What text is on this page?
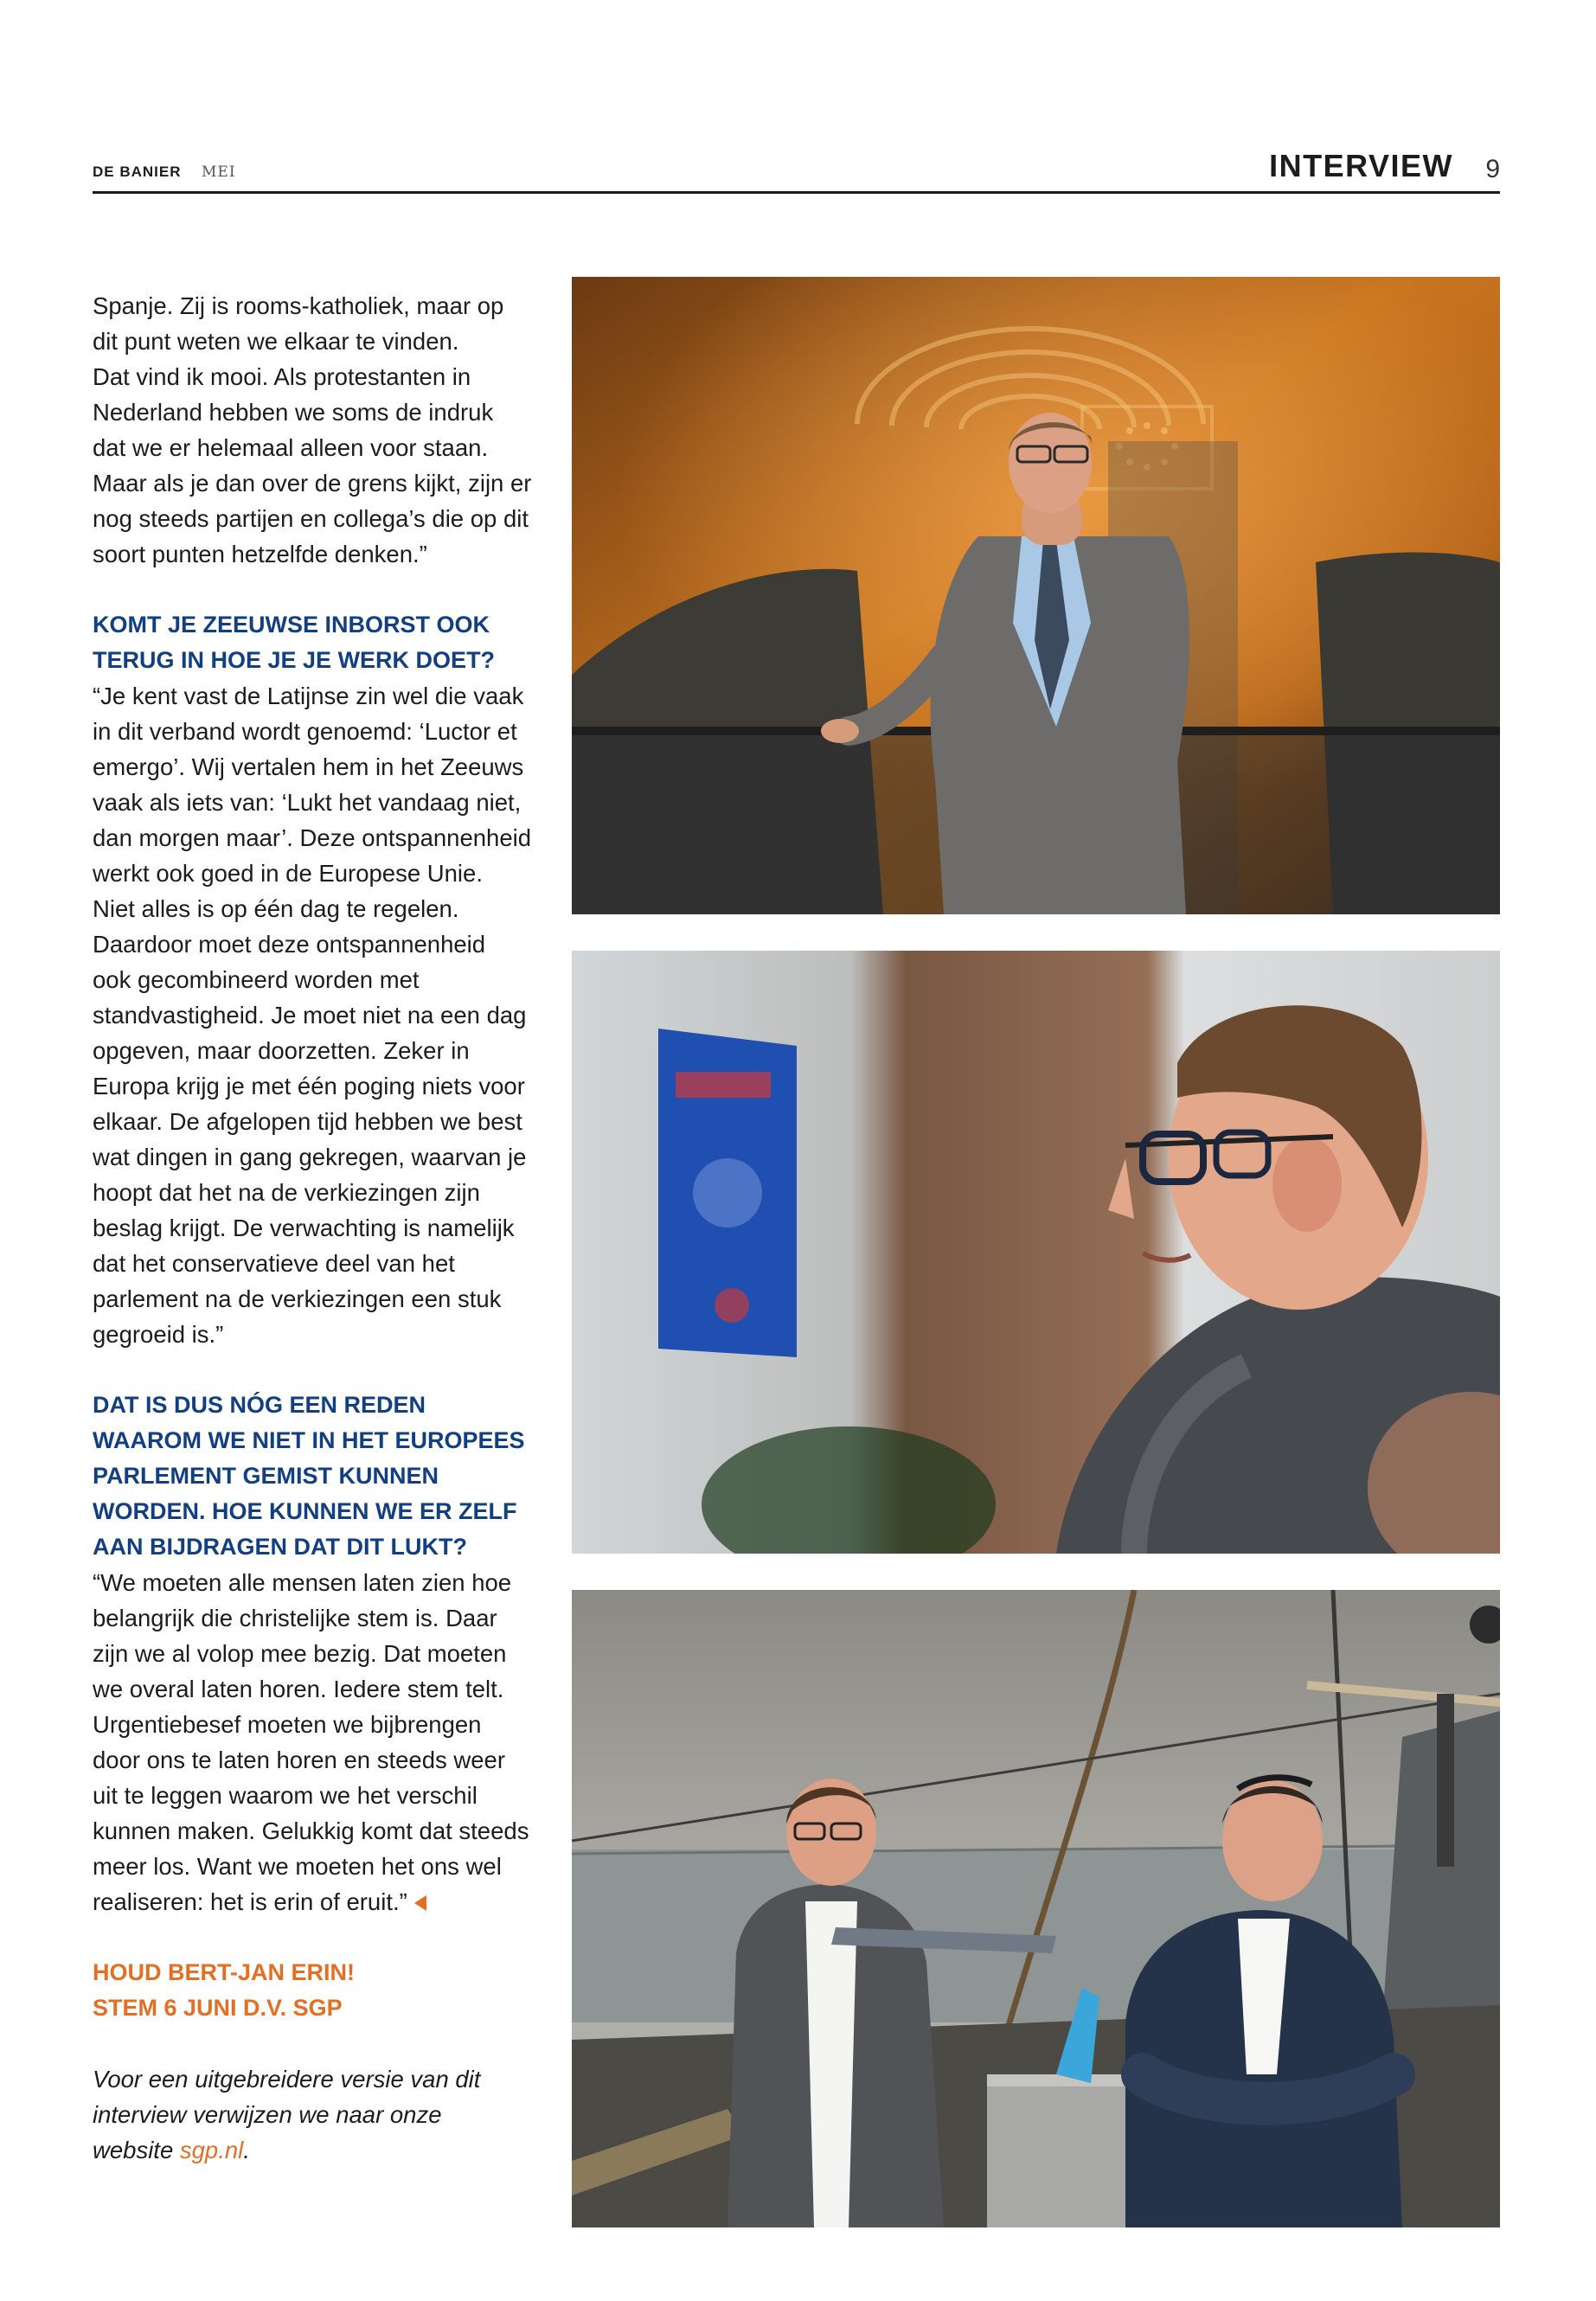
DE BANIER MEI	INTERVIEW 9

Spanje. Zij is rooms-katholiek, maar op
dit punt weten we elkaar te vinden.
Dat vind ik mooi. Als protestanten in
Nederland hebben we soms de indruk
dat we er helemaal alleen voor staan.
Maar als je dan over de grens kijkt, zijn er
nog steeds partijen en collega’s die op dit
soort punten hetzelfde denken.”

KOMT JE ZEEUWSE INBORST OOK
TERUG IN HOE JE JE WERK DOET?

“Je kent vast de Latijnse zin wel die vaak
in dit verband wordt genoemd: ‘Luctor et
emergo’. Wij vertalen hem in het Zeeuws
vaak als iets van: ‘Lukt het vandaag niet,
dan morgen maar’. Deze ontspannenheid
werkt ook goed in de Europese Unie.
Niet alles is op één dag te regelen.
Daardoor moet deze ontspannenheid
ook gecombineerd worden met
standvastigheid. Je moet niet na een dag
opgeven, maar doorzetten. Zeker in
Europa krijg je met één poging niets voor
elkaar. De afgelopen tijd hebben we best
wat dingen in gang gekregen, waarvan je
hoopt dat het na de verkiezingen zijn
beslag krijgt. De verwachting is namelijk
dat het conservatieve deel van het
parlement na de verkiezingen een stuk
gegroeid is.”

DAT IS DUS NÓG EEN REDEN
WAAROM WE NIET IN HET EUROPEES
PARLEMENT GEMIST KUNNEN
WORDEN. HOE KUNNEN WE ER ZELF
AAN BIJDRAGEN DAT DIT LUKT?

“We moeten alle mensen laten zien hoe
belangrijk die christelijke stem is. Daar
zijn we al volop mee bezig. Dat moeten
we overal laten horen. Iedere stem telt.
Urgentiebesef moeten we bijbrengen
door ons te laten horen en steeds weer
uit te leggen waarom we het verschil
kunnen maken. Gelukkig komt dat steeds
meer los. Want we moeten het ons wel
realiseren: het is erin of eruit.”

HOUD BERT-JAN ERIN!
STEM 6 JUNI D.V. SGP

Voor een uitgebreidere versie van dit
interview verwijzen we naar onze
website sgp.nl.
